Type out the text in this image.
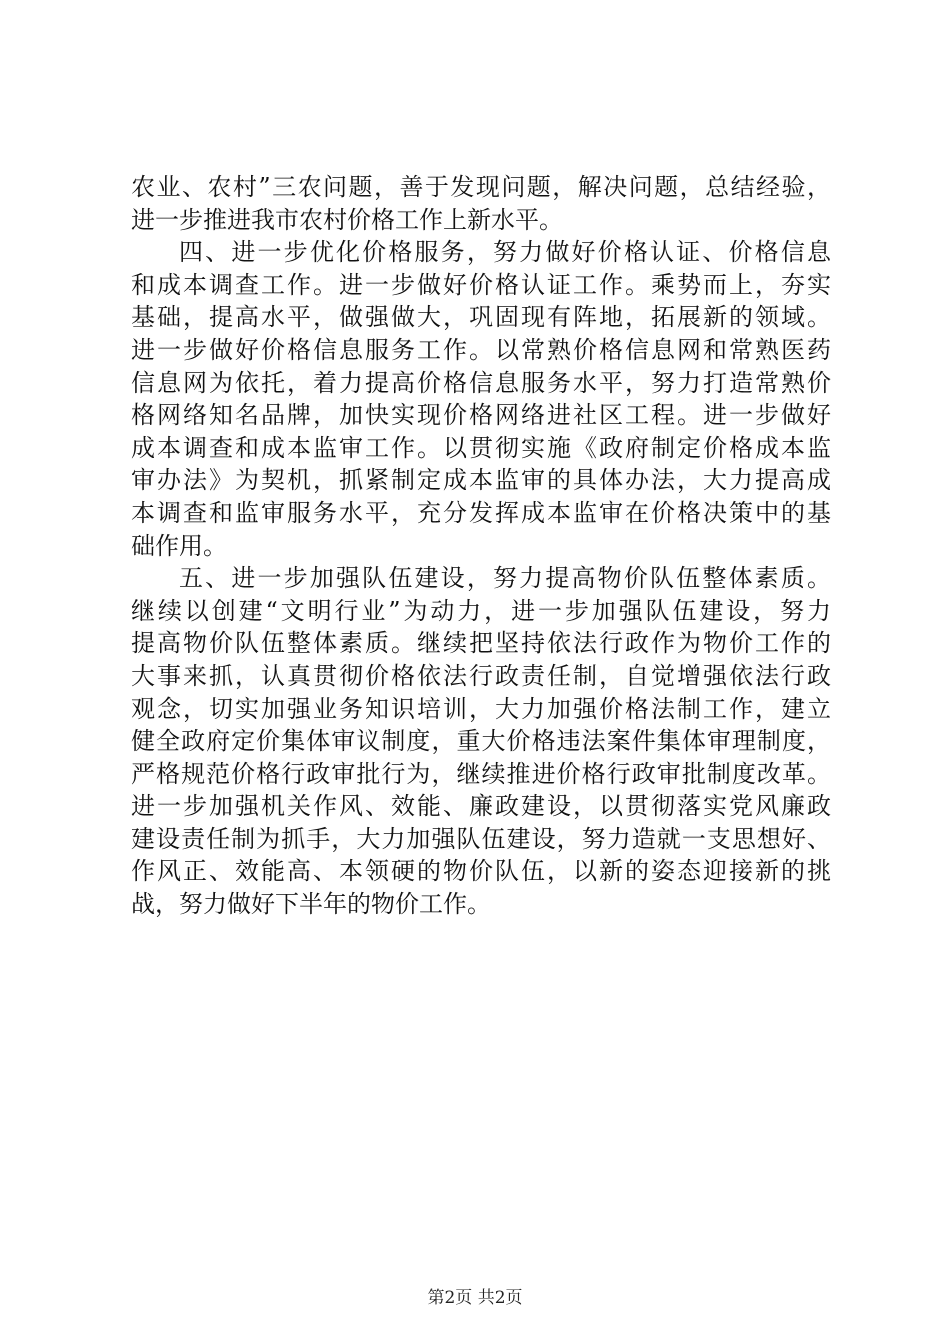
农业、农村”三农问题，善于发现问题，解决问题，总结经验，
进一步推进我市农村价格工作上新水平。
四、进一步优化价格服务，努力做好价格认证、价格信息
和成本调查工作。进一步做好价格认证工作。乘势而上，夯实
基础，提高水平，做强做大，巩固现有阵地，拓展新的领域。
进一步做好价格信息服务工作。以常熟价格信息网和常熟医药
信息网为依托，着力提高价格信息服务水平，努力打造常熟价
格网络知名品牌，加快实现价格网络进社区工程。进一步做好
成本调查和成本监审工作。以贯彻实施《政府制定价格成本监
审办法》为契机，抓紧制定成本监审的具体办法，大力提高成
本调查和监审服务水平，充分发挥成本监审在价格决策中的基
础作用。
五、进一步加强队伍建设，努力提高物价队伍整体素质。
继续以创建“文明行业”为动力，进一步加强队伍建设，努力
提高物价队伍整体素质。继续把坚持依法行政作为物价工作的
大事来抓，认真贯彻价格依法行政责任制，自觉增强依法行政
观念，切实加强业务知识培训，大力加强价格法制工作，建立
健全政府定价集体审议制度，重大价格违法案件集体审理制度，
严格规范价格行政审批行为，继续推进价格行政审批制度改革。
进一步加强机关作风、效能、廉政建设，以贯彻落实党风廉政
建设责任制为抓手，大力加强队伍建设，努力造就一支思想好、
作风正、效能高、本领硬的物价队伍，以新的姿态迎接新的挑
战，努力做好下半年的物价工作。
第2页 共2页
